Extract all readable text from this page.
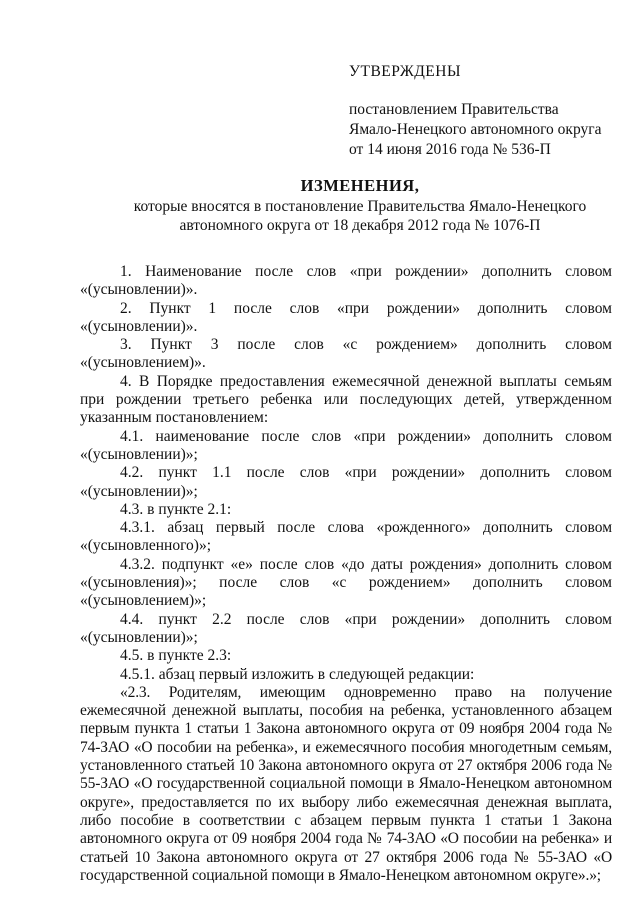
УТВЕРЖДЕНЫ
постановлением Правительства
Ямало-Ненецкого автономного округа
от 14 июня 2016 года № 536-П
ИЗМЕНЕНИЯ,
которые вносятся в постановление Правительства Ямало-Ненецкого
автономного округа от 18 декабря 2012 года № 1076-П

1. Наименование после слов «при рождении» дополнить словом «(усыновлении)».

2. Пункт 1 после слов «при рождении» дополнить словом «(усыновлении)».

3. Пункт 3 после слов «с рождением» дополнить словом «(усыновлением)».

4. В Порядке предоставления ежемесячной денежной выплаты семьям при рождении третьего ребенка или последующих детей, утвержденном указанным постановлением:

4.1. наименование после слов «при рождении» дополнить словом «(усыновлении)»;

4.2. пункт 1.1 после слов «при рождении» дополнить словом «(усыновлении)»;

4.3. в пункте 2.1:

4.3.1. абзац первый после слова «рожденного» дополнить словом «(усыновленного)»;

4.3.2. подпункт «е» после слов «до даты рождения» дополнить словом «(усыновления)»; после слов «с рождением» дополнить словом «(усыновлением)»;

4.4. пункт 2.2 после слов «при рождении» дополнить словом «(усыновлении)»;

4.5. в пункте 2.3:

4.5.1. абзац первый изложить в следующей редакции:

«2.3. Родителям, имеющим одновременно право на получение ежемесячной денежной выплаты, пособия на ребенка, установленного абзацем первым пункта 1 статьи 1 Закона автономного округа от 09 ноября 2004 года № 74-ЗАО «О пособии на ребенка», и ежемесячного пособия многодетным семьям, установленного статьей 10 Закона автономного округа от 27 октября 2006 года № 55-ЗАО «О государственной социальной помощи в Ямало-Ненецком автономном округе», предоставляется по их выбору либо ежемесячная денежная выплата, либо пособие в соответствии с абзацем первым пункта 1 статьи 1 Закона автономного округа от 09 ноября 2004 года № 74-ЗАО «О пособии на ребенка» и статьей 10 Закона автономного округа от 27 октября 2006 года № 55-ЗАО «О государственной социальной помощи в Ямало-Ненецком автономном округе».»;
